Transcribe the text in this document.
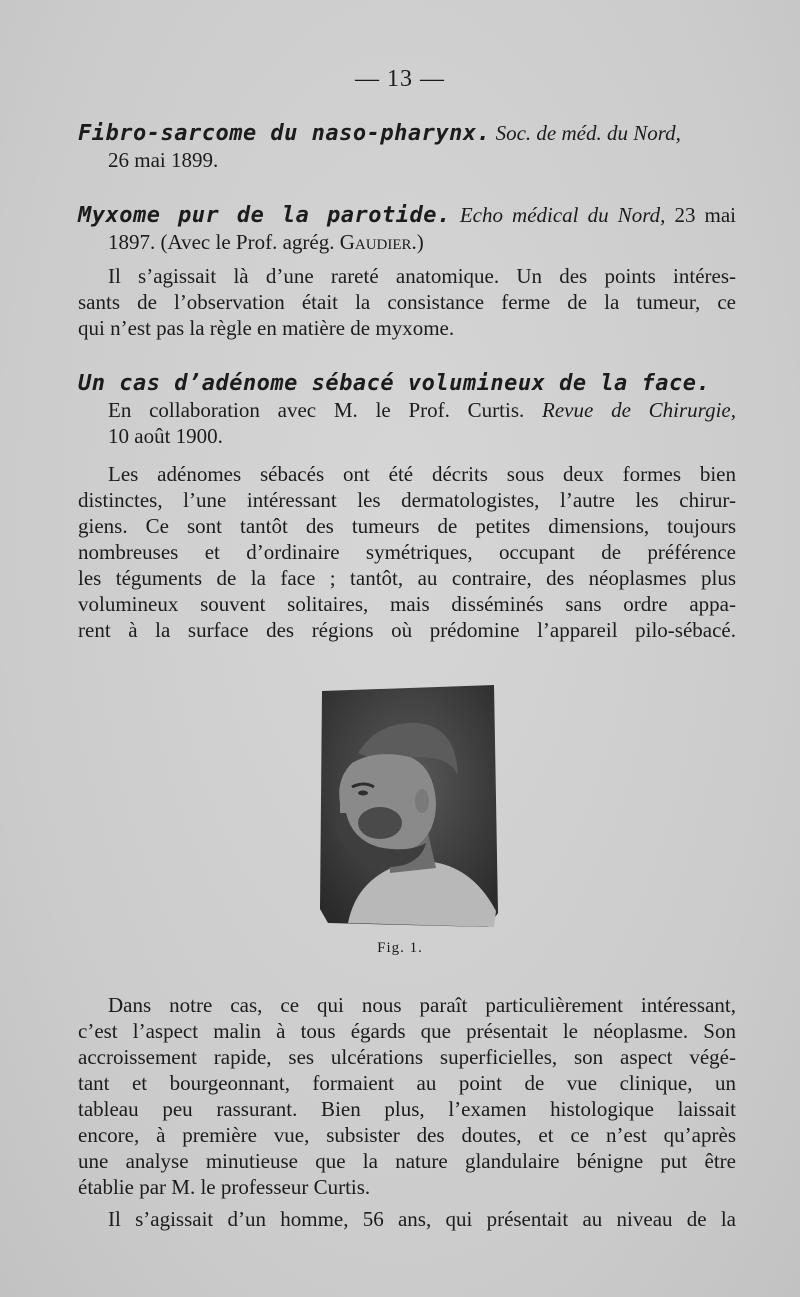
— 13 —
Fibro-sarcome du naso-pharynx. Soc. de méd. du Nord,
26 mai 1899.
Myxome pur de la parotide. Echo médical du Nord, 23 mai
1897. (Avec le Prof. agrég. Gaudier.)
Il s’agissait là d’une rareté anatomique. Un des points intéres-
sants de l’observation était la consistance ferme de la tumeur, ce
qui n’est pas la règle en matière de myxome.
Un cas d’adénome sébacé volumineux de la face.
En collaboration avec M. le Prof. Curtis. Revue de Chirurgie,
10 août 1900.
Les adénomes sébacés ont été décrits sous deux formes bien
distinctes, l’une intéressant les dermatologistes, l’autre les chirur-
giens. Ce sont tantôt des tumeurs de petites dimensions, toujours
nombreuses et d’ordinaire symétriques, occupant de préférence
les téguments de la face ; tantôt, au contraire, des néoplasmes plus
volumineux souvent solitaires, mais disséminés sans ordre appa-
rent à la surface des régions où prédomine l’appareil pilo-sébacé.
Fig. 1.
Dans notre cas, ce qui nous paraît particulièrement intéressant,
c’est l’aspect malin à tous égards que présentait le néoplasme. Son
accroissement rapide, ses ulcérations superficielles, son aspect végé-
tant et bourgeonnant, formaient au point de vue clinique, un
tableau peu rassurant. Bien plus, l’examen histologique laissait
encore, à première vue, subsister des doutes, et ce n’est qu’après
une analyse minutieuse que la nature glandulaire bénigne put être
établie par M. le professeur Curtis.
Il s’agissait d’un homme, 56 ans, qui présentait au niveau de la
